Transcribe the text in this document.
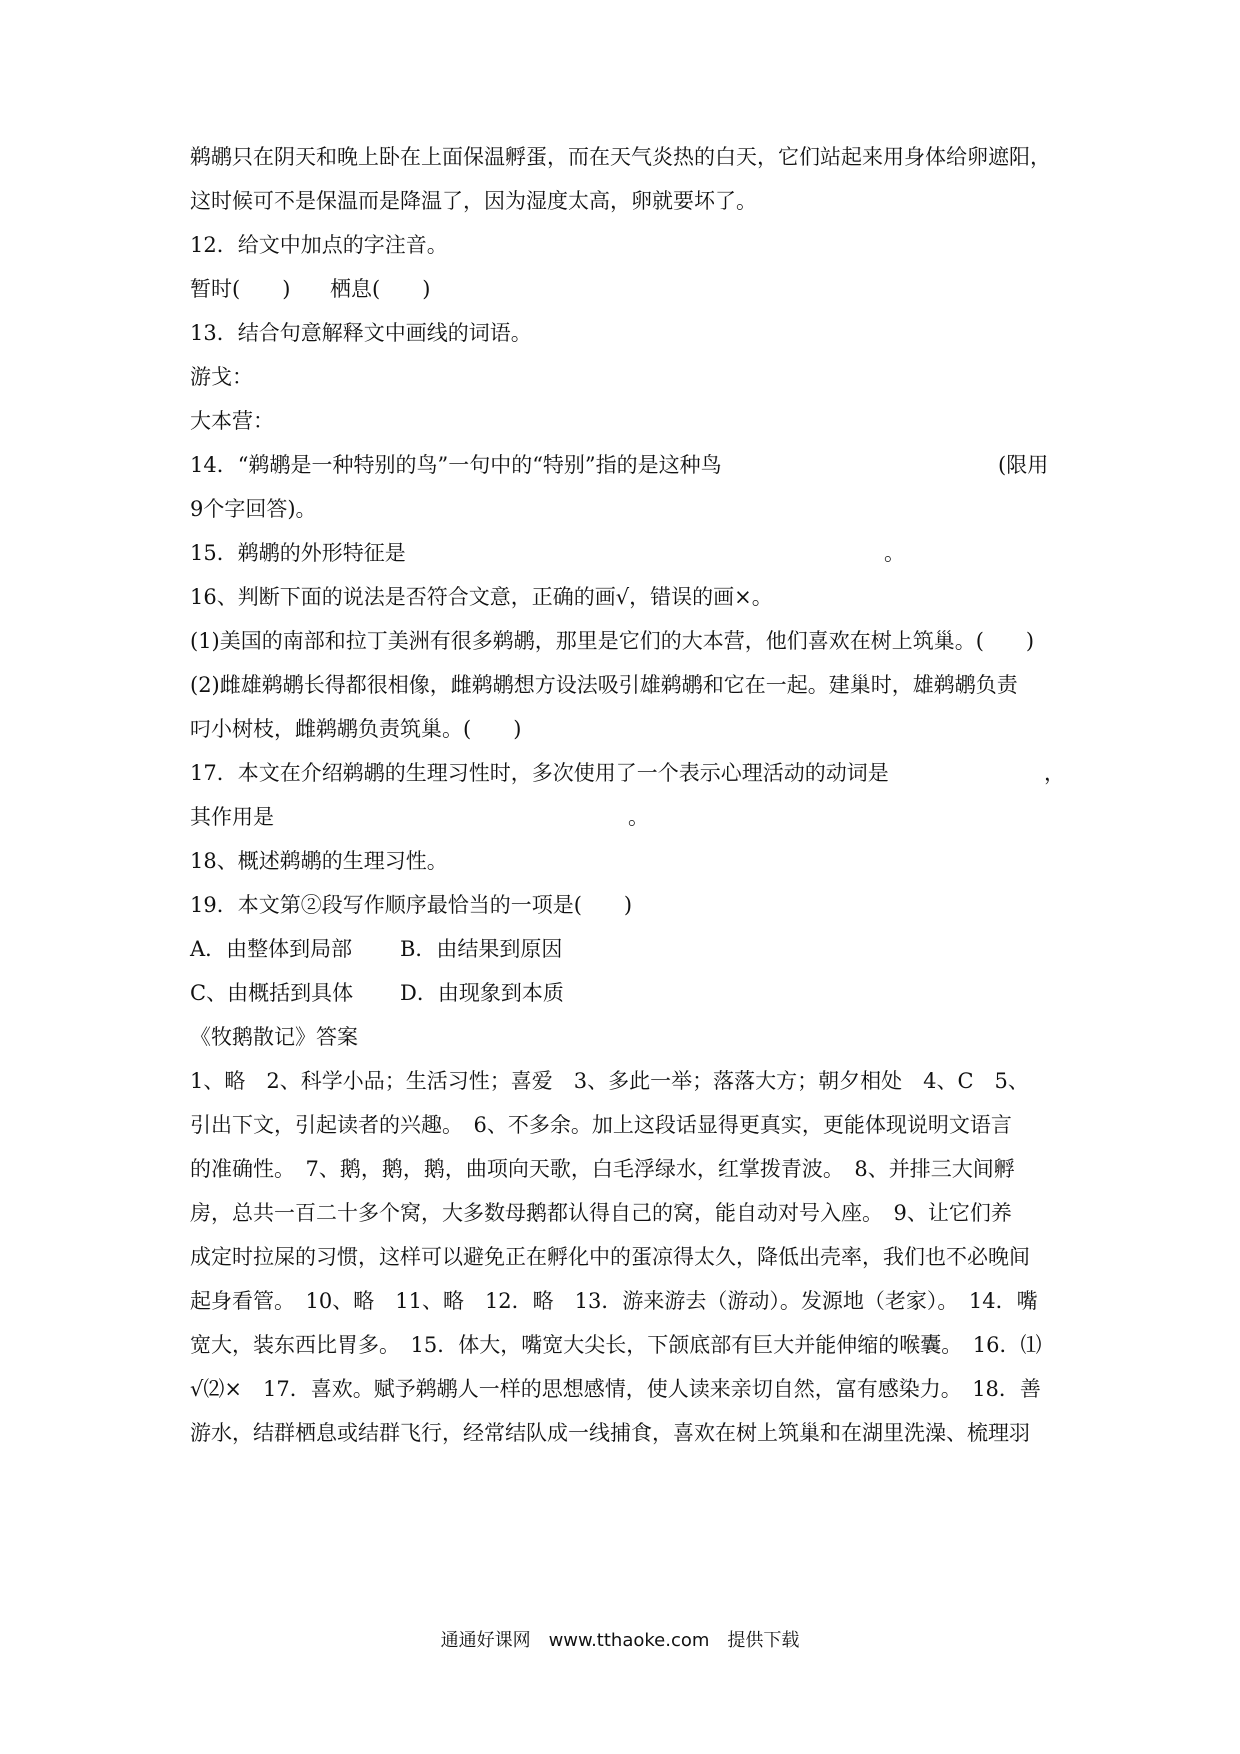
鹈鹕只在阴天和晚上卧在上面保温孵蛋，而在天气炎热的白天，它们站起来用身体给卵遮阳，
这时候可不是保温而是降温了，因为湿度太高，卵就要坏了。
12．给文中加点的字注音。
暂时(　　) 栖息(　　)
13．结合句意解释文中画线的词语。
游戈：
大本营：
14．“鹈鹕是一种特别的鸟”一句中的“特别”指的是这种鸟	(限用
9个字回答)。
15．鹈鹕的外形特征是	。
16、判断下面的说法是否符合文意，正确的画√，错误的画×。
(1)美国的南部和拉丁美洲有很多鹈鹕，那里是它们的大本营，他们喜欢在树上筑巢。(　　)
(2)雌雄鹈鹕长得都很相像，雌鹈鹕想方设法吸引雄鹈鹕和它在一起。建巢时，雄鹈鹕负责
叼小树枝，雌鹈鹕负责筑巢。(　　)
17．本文在介绍鹈鹕的生理习性时，多次使用了一个表示心理活动的动词是	，
其作用是	。
18、概述鹈鹕的生理习性。
19．本文第②段写作顺序最恰当的一项是(　　)
A．由整体到局部 B．由结果到原因
C、由概括到具体 D．由现象到本质
《牧鹅散记》答案
1、略　2、科学小品；生活习性；喜爱　3、多此一举；落落大方；朝夕相处　4、C　5、
引出下文，引起读者的兴趣。　6、不多余。加上这段话显得更真实，更能体现说明文语言
的准确性。　7、鹅，鹅，鹅，曲项向天歌，白毛浮绿水，红掌拨青波。　8、并排三大间孵
房，总共一百二十多个窝，大多数母鹅都认得自己的窝，能自动对号入座。　9、让它们养
成定时拉屎的习惯，这样可以避免正在孵化中的蛋凉得太久，降低出壳率，我们也不必晚间
起身看管。　10、略　11、略　12．略　13．游来游去（游动）。发源地（老家）。　14．嘴
宽大，装东西比胃多。　15．体大，嘴宽大尖长，下颌底部有巨大并能伸缩的喉囊。　16．⑴
√⑵×　17．喜欢。赋予鹈鹕人一样的思想感情，使人读来亲切自然，富有感染力。　18．善
游水，结群栖息或结群飞行，经常结队成一线捕食，喜欢在树上筑巢和在湖里洗澡、梳理羽
通通好课网　www.tthaoke.com　提供下载
